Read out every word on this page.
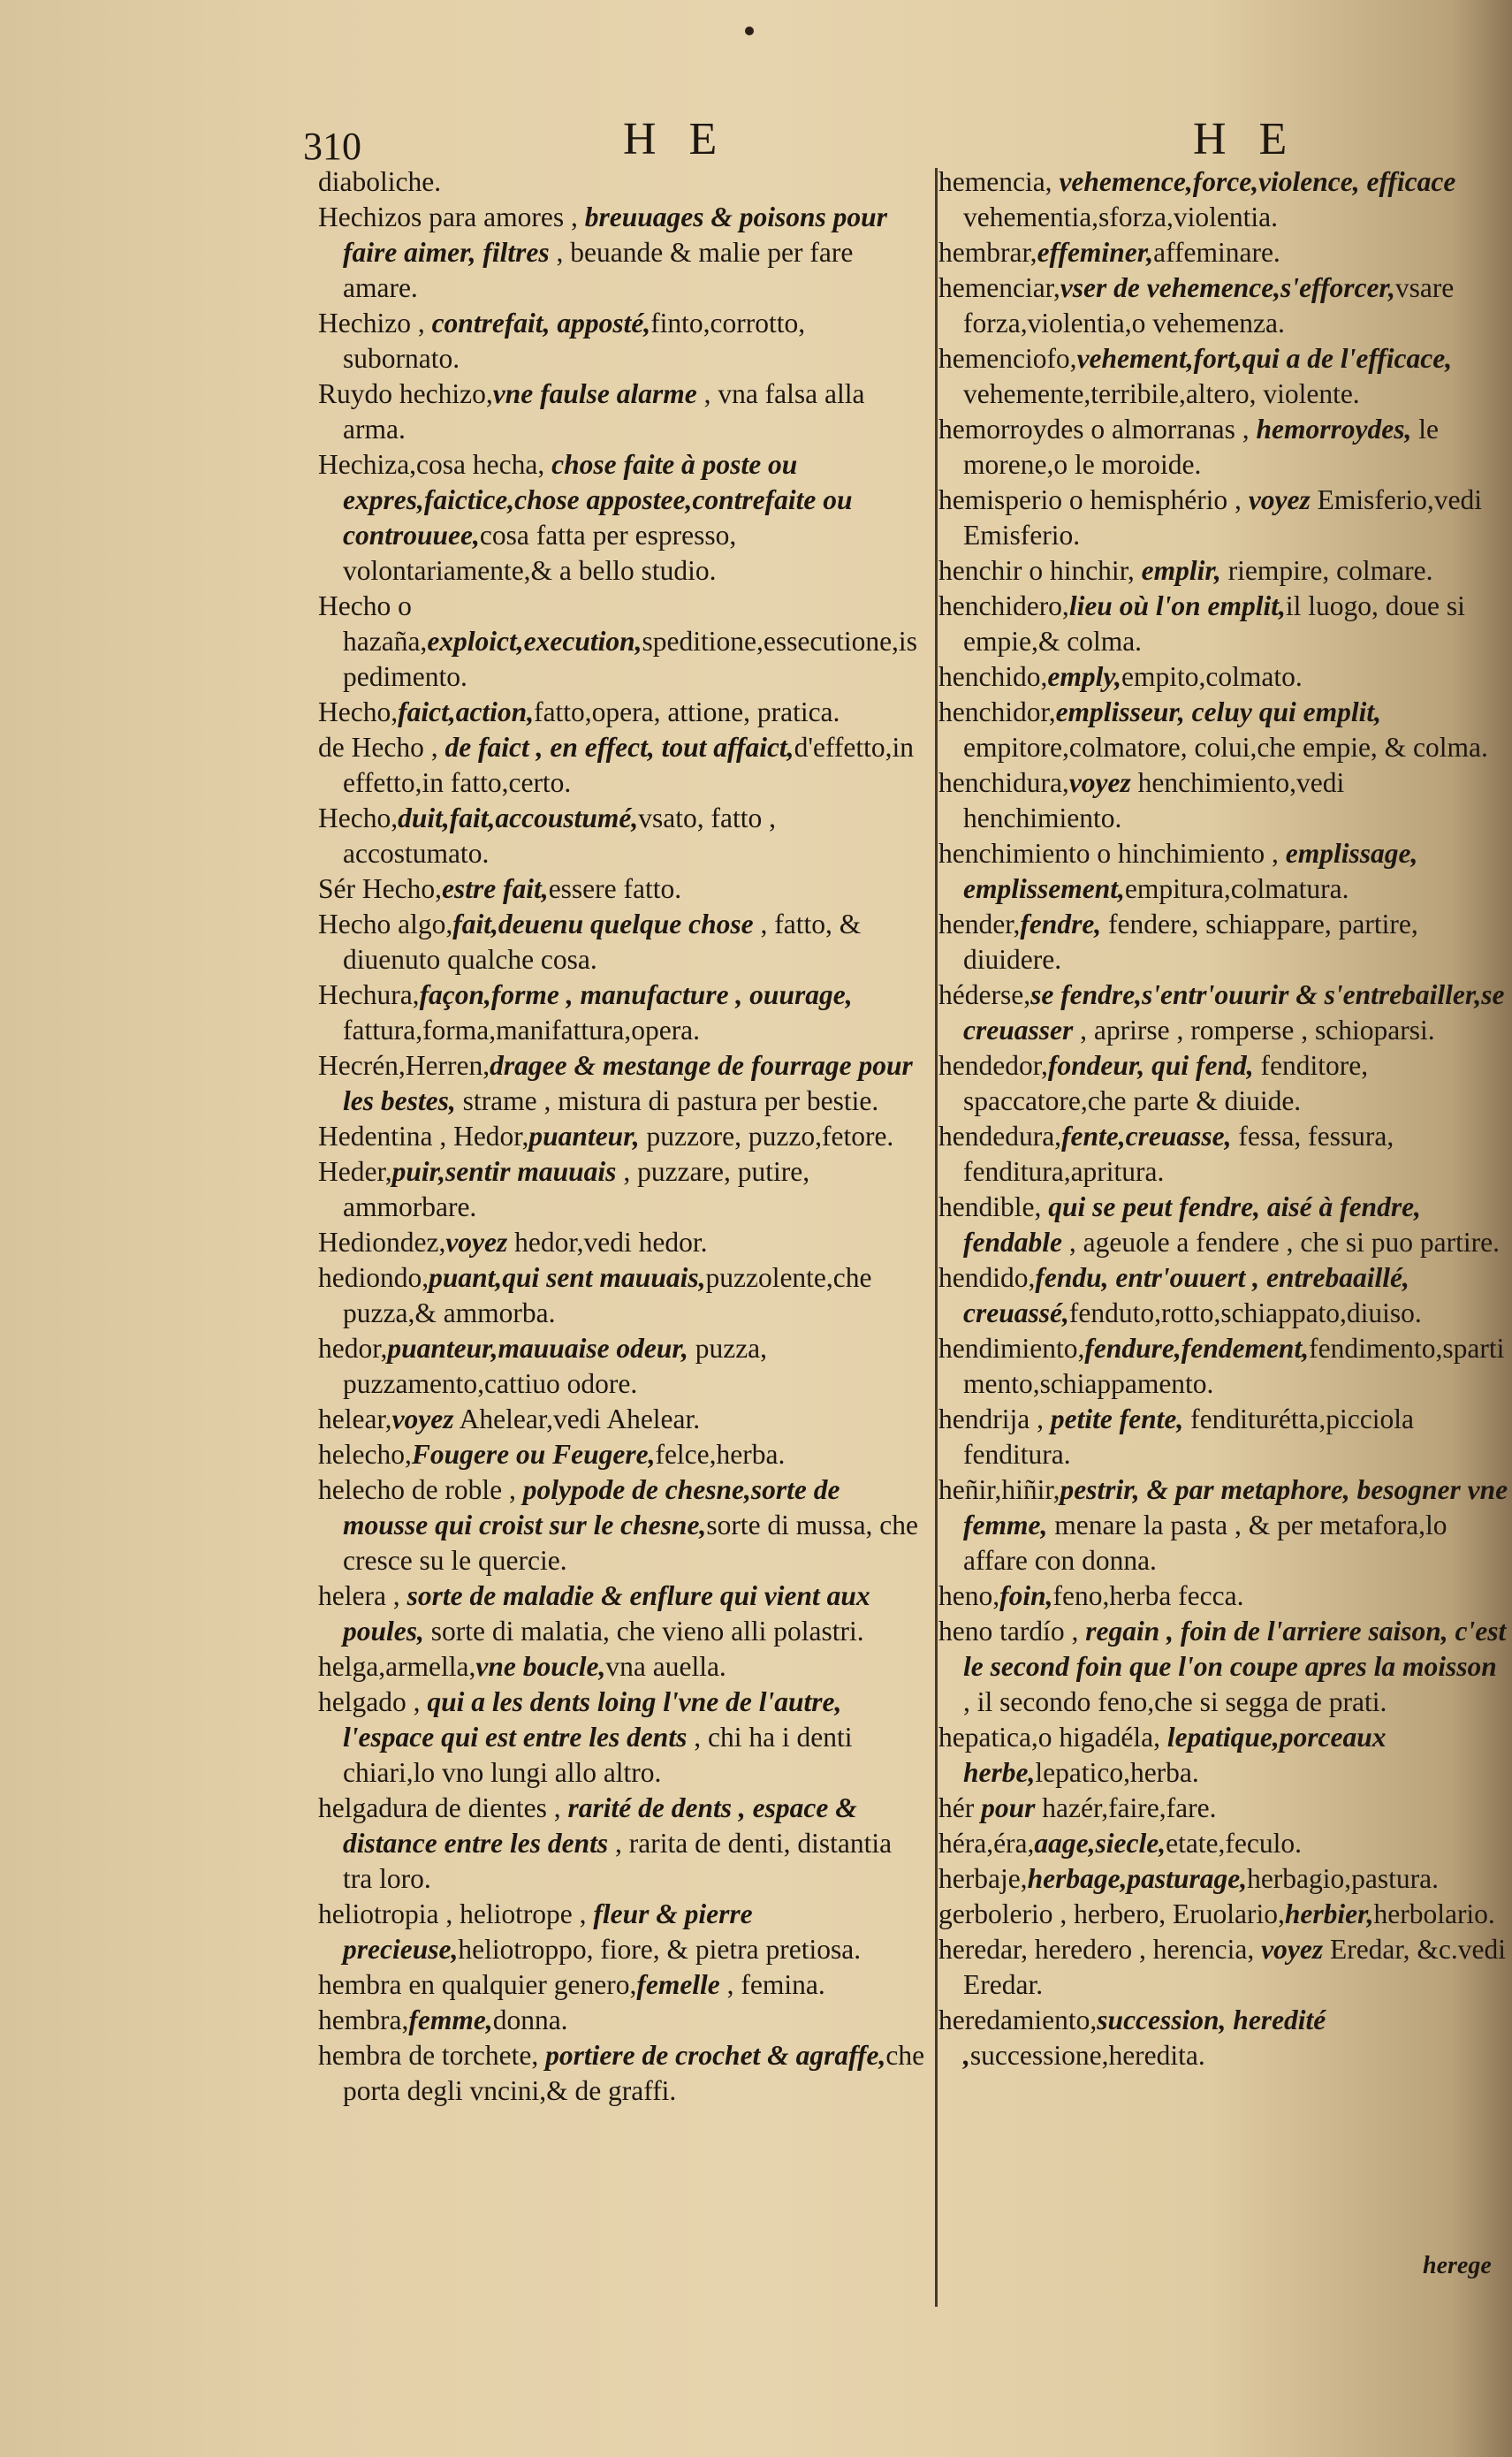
310	H E	H E

diaboliche.

Hechizos para amores , breuuages & poisons pour faire aimer, filtres , beuande & malie per fare amare.

Hechizo , contrefait, apposté,finto,corrotto, subornato.

Ruydo hechizo,vne faulse alarme , vna falsa alla arma.

Hechiza,cosa hecha, chose faite à poste ou expres,faictice,chose appostee,contrefaite ou controuuee,cosa fatta per espresso, volontariamente,& a bello studio.

Hecho o hazaña,exploict,execution,speditione,essecutione,ispedimento.

Hecho,faict,action,fatto,opera, attione, pratica.

de Hecho , de faict , en effect, tout affaict,d'effetto,in effetto,in fatto,certo.

Hecho,duit,fait,accoustumé,vsato, fatto , accostumato.

Sér Hecho,estre fait,essere fatto.

Hecho algo,fait,deuenu quelque chose , fatto, & diuenuto qualche cosa.

Hechura,façon,forme , manufacture , ouurage, fattura,forma,manifattura,opera.

Hecrén,Herren,dragee & mestange de fourrage pour les bestes, strame , mistura di pastura per bestie.

Hedentina , Hedor,puanteur, puzzore, puzzo,fetore.

Heder,puir,sentir mauuais , puzzare, putire, ammorbare.

Hediondez,voyez hedor,vedi hedor.

hediondo,puant,qui sent mauuais,puzzolente,che puzza,& ammorba.

hedor,puanteur,mauuaise odeur, puzza, puzzamento,cattiuo odore.

helear,voyez Ahelear,vedi Ahelear.

helecho,Fougere ou Feugere,felce,herba.

helecho de roble , polypode de chesne,sorte de mousse qui croist sur le chesne,sorte di mussa, che cresce su le quercie.

helera , sorte de maladie & enflure qui vient aux poules, sorte di malatia, che vieno alli polastri.

helga,armella,vne boucle,vna auella.

helgado , qui a les dents loing l'vne de l'autre, l'espace qui est entre les dents , chi ha i denti chiari,lo vno lungi allo altro.

helgadura de dientes , rarité de dents , espace & distance entre les dents , rarita de denti, distantia tra loro.

heliotropia , heliotrope , fleur & pierre precieuse,heliotroppo, fiore, & pietra pretiosa.

hembra en qualquier genero,femelle , femina.

hembra,femme,donna.

hembra de torchete, portiere de crochet & agraffe,che porta degli vncini,& de graffi.

hemencia, vehemence,force,violence, efficace vehementia,sforza,violentia.

hembrar,effeminer,affeminare.

hemenciar,vser de vehemence,s'efforcer,vsare forza,violentia,o vehemenza.

hemenciofo,vehement,fort,qui a de l'efficace, vehemente,terribile,altero, violente.

hemorroydes o almorranas , hemorroydes, le morene,o le moroide.

hemisperio o hemisphério , voyez Emisferio,vedi Emisferio.

henchir o hinchir, emplir, riempire, colmare.

henchidero,lieu où l'on emplit,il luogo, doue si empie,& colma.

henchido,emply,empito,colmato.

henchidor,emplisseur, celuy qui emplit, empitore,colmatore, colui,che empie, & colma.

henchidura,voyez henchimiento,vedi henchimiento.

henchimiento o hinchimiento , emplissage, emplissement,empitura,colmatura.

hender,fendre, fendere, schiappare, partire, diuidere.

héderse,se fendre,s'entr'ouurir & s'entrebailler,se creuasser , aprirse , romperse , schioparsi.

hendedor,fondeur, qui fend, fenditore, spaccatore,che parte & diuide.

hendedura,fente,creuasse, fessa, fessura, fenditura,apritura.

hendible, qui se peut fendre, aisé à fendre, fendable , ageuole a fendere , che si puo partire.

hendido,fendu, entr'ouuert , entrebaaillé, creuassé,fenduto,rotto,schiappato,diuiso.

hendimiento,fendure,fendement,fendimento,spartimento,schiappamento.

hendrija , petite fente, fenditurétta,picciola fenditura.

heñir,hiñir,pestrir, & par metaphore, besogner vne femme, menare la pasta , & per metafora,lo affare con donna.

heno,foin,feno,herba fecca.

heno tardío , regain , foin de l'arriere saison, c'est le second foin que l'on coupe apres la moisson , il secondo feno,che si segga de prati.

hepatica,o higadéla, lepatique,porceaux herbe,lepatico,herba.

hér pour hazér,faire,fare.

héra,éra,aage,siecle,etate,feculo.

herbaje,herbage,pasturage,herbagio,pastura.

gerbolerio , herbero, Eruolario,herbier,herbolario.

heredar, heredero , herencia, voyez Eredar, &c.vedi Eredar.

heredamiento,succession, heredité ,successione,heredita.

herege
